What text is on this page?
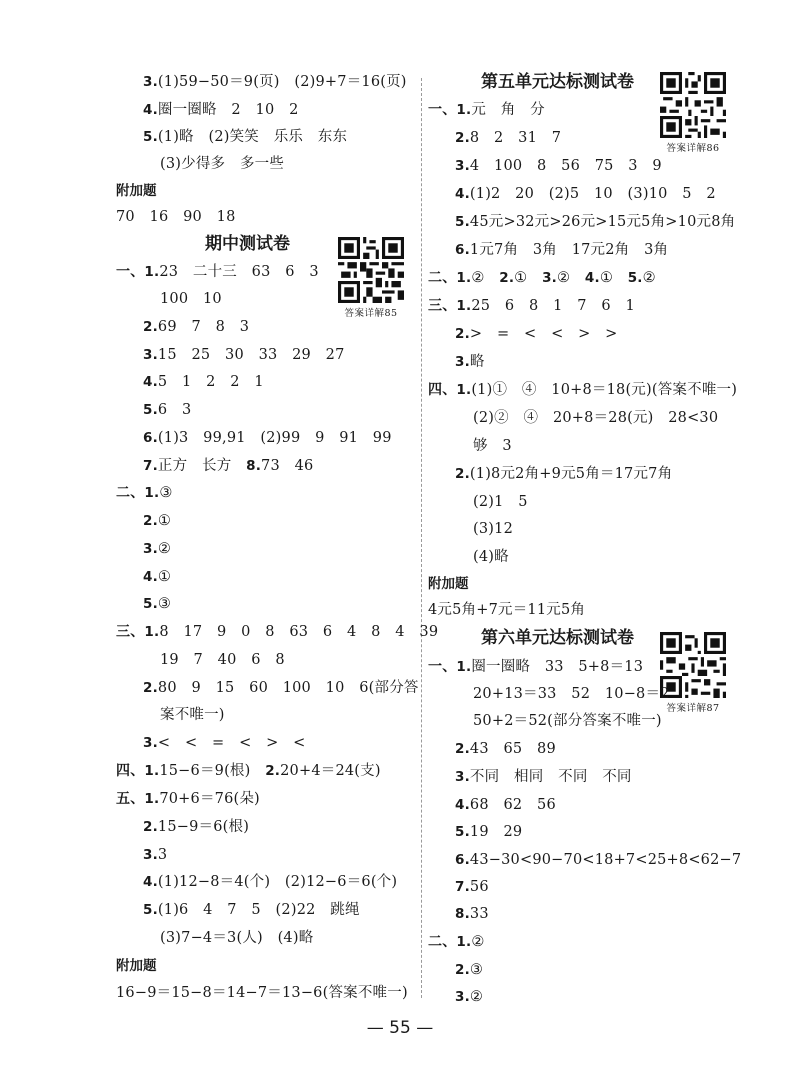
3.(1)59−50＝9(页)　(2)9+7＝16(页)
4.圈一圈略　2　10　2
5.(1)略　(2)笑笑　乐乐　东东
(3)少得多　多一些
附加题
70　16　90　18
期中测试卷
答案详解85
一、1.23　二十三　63　6　3
100　10
2.69　7　8　3
3.15　25　30　33　29　27
4.5　1　2　2　1
5.6　3
6.(1)3　99,91　(2)99　9　91　99
7.正方　长方　 8.73　46
二、1.③
2.①
3.②
4.①
5.③
三、1.8　17　9　0　8　63　6　4　8　4　39
19　7　40　6　8
2.80　9　15　60　100　10　6(部分答
案不唯一)
3.<　<　=　<　>　<
四、1.15−6＝9(根)　 2.20+4＝24(支)
五、1.70+6＝76(朵)
2.15−9＝6(根)
3.3
4.(1)12−8＝4(个)　(2)12−6＝6(个)
5.(1)6　4　7　5　(2)22　跳绳
(3)7−4＝3(人)　(4)略
附加题
16−9＝15−8＝14−7＝13−6(答案不唯一)
第五单元达标测试卷
答案详解86
一、1.元　角　分
2.8　2　31　7
3.4　100　8　56　75　3　9
4.(1)2　20　(2)5　10　(3)10　5　2
5.45元>32元>26元>15元5角>10元8角
6.1元7角　3角　17元2角　3角
二、1.②　 2.①　 3.②　 4.①　 5.②
三、1.25　6　8　1　7　6　1
2.>　=　<　<　>　>
3.略
四、1.(1)①　④　10+8＝18(元)(答案不唯一)
(2)②　④　20+8＝28(元)　28<30
够　3
2.(1)8元2角+9元5角＝17元7角
(2)1　5
(3)12
(4)略
附加题
4元5角+7元＝11元5角
第六单元达标测试卷
答案详解87
一、1.圈一圈略　33　5+8＝13
20+13＝33　52　10−8＝2
50+2＝52(部分答案不唯一)
2.43　65　89
3.不同　相同　不同　不同
4.68　62　56
5.19　29
6.43−30<90−70<18+7<25+8<62−7
7.56
8.33
二、1.②
2.③
3.②
— 55 —
